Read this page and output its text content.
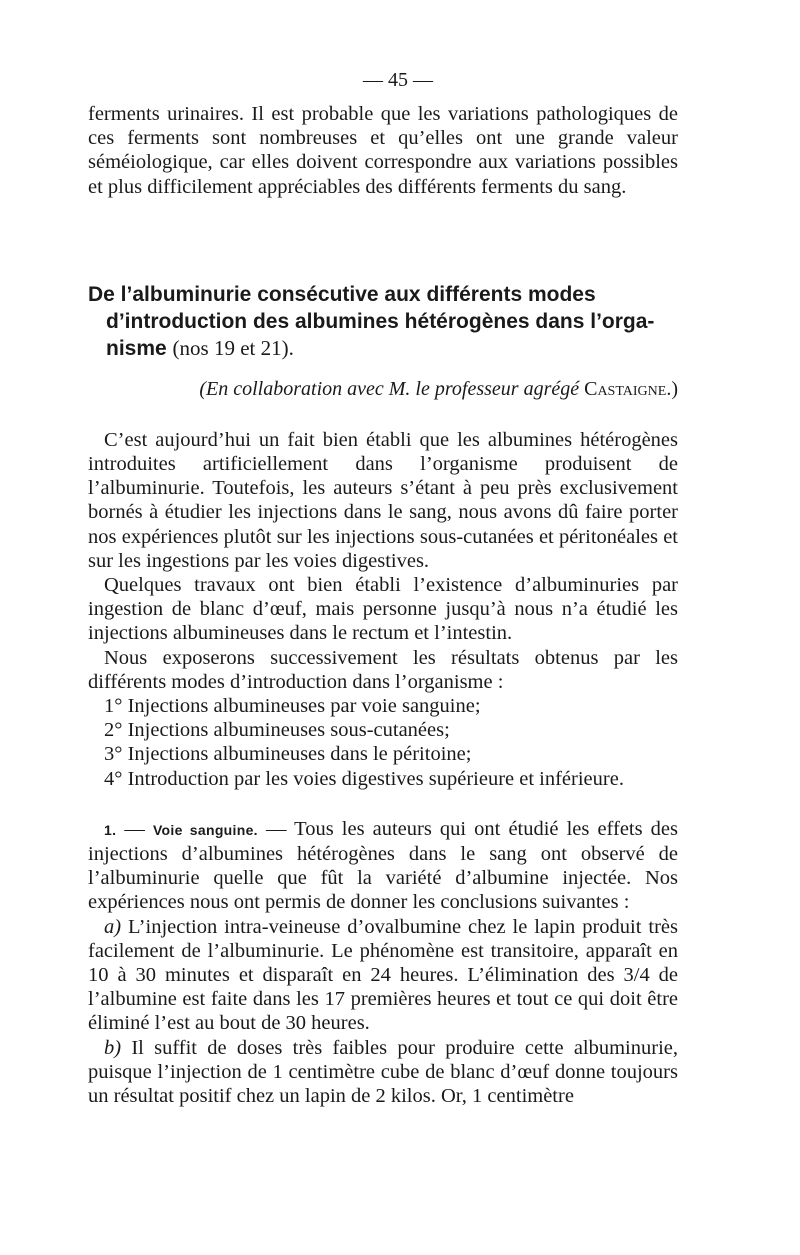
— 45 —

ferments urinaires. Il est probable que les variations pathologiques de ces ferments sont nombreuses et qu’elles ont une grande valeur séméiologique, car elles doivent correspondre aux variations possibles et plus difficilement appréciables des différents ferments du sang.

De l’albuminurie consécutive aux différents modes
d’introduction des albumines hétérogènes dans l’orga-
nisme (nos 19 et 21).
(En collaboration avec M. le professeur agrégé Castaigne.)

C’est aujourd’hui un fait bien établi que les albumines hétérogènes introduites artificiellement dans l’organisme produisent de l’albuminurie. Toutefois, les auteurs s’étant à peu près exclusivement bornés à étudier les injections dans le sang, nous avons dû faire porter nos expériences plutôt sur les injections sous-cutanées et péritonéales et sur les ingestions par les voies digestives.

Quelques travaux ont bien établi l’existence d’albuminuries par ingestion de blanc d’œuf, mais personne jusqu’à nous n’a étudié les injections albumineuses dans le rectum et l’intestin.

Nous exposerons successivement les résultats obtenus par les différents modes d’introduction dans l’organisme :

1° Injections albumineuses par voie sanguine;

2° Injections albumineuses sous-cutanées;

3° Injections albumineuses dans le péritoine;

4° Introduction par les voies digestives supérieure et inférieure.

1. — Voie sanguine. — Tous les auteurs qui ont étudié les effets des injections d’albumines hétérogènes dans le sang ont observé de l’albuminurie quelle que fût la variété d’albumine injectée. Nos expériences nous ont permis de donner les conclusions suivantes :

a) L’injection intra-veineuse d’ovalbumine chez le lapin produit très facilement de l’albuminurie. Le phénomène est transitoire, apparaît en 10 à 30 minutes et disparaît en 24 heures. L’élimination des 3/4 de l’albumine est faite dans les 17 premières heures et tout ce qui doit être éliminé l’est au bout de 30 heures.

b) Il suffit de doses très faibles pour produire cette albuminurie, puisque l’injection de 1 centimètre cube de blanc d’œuf donne toujours un résultat positif chez un lapin de 2 kilos. Or, 1 centimètre
